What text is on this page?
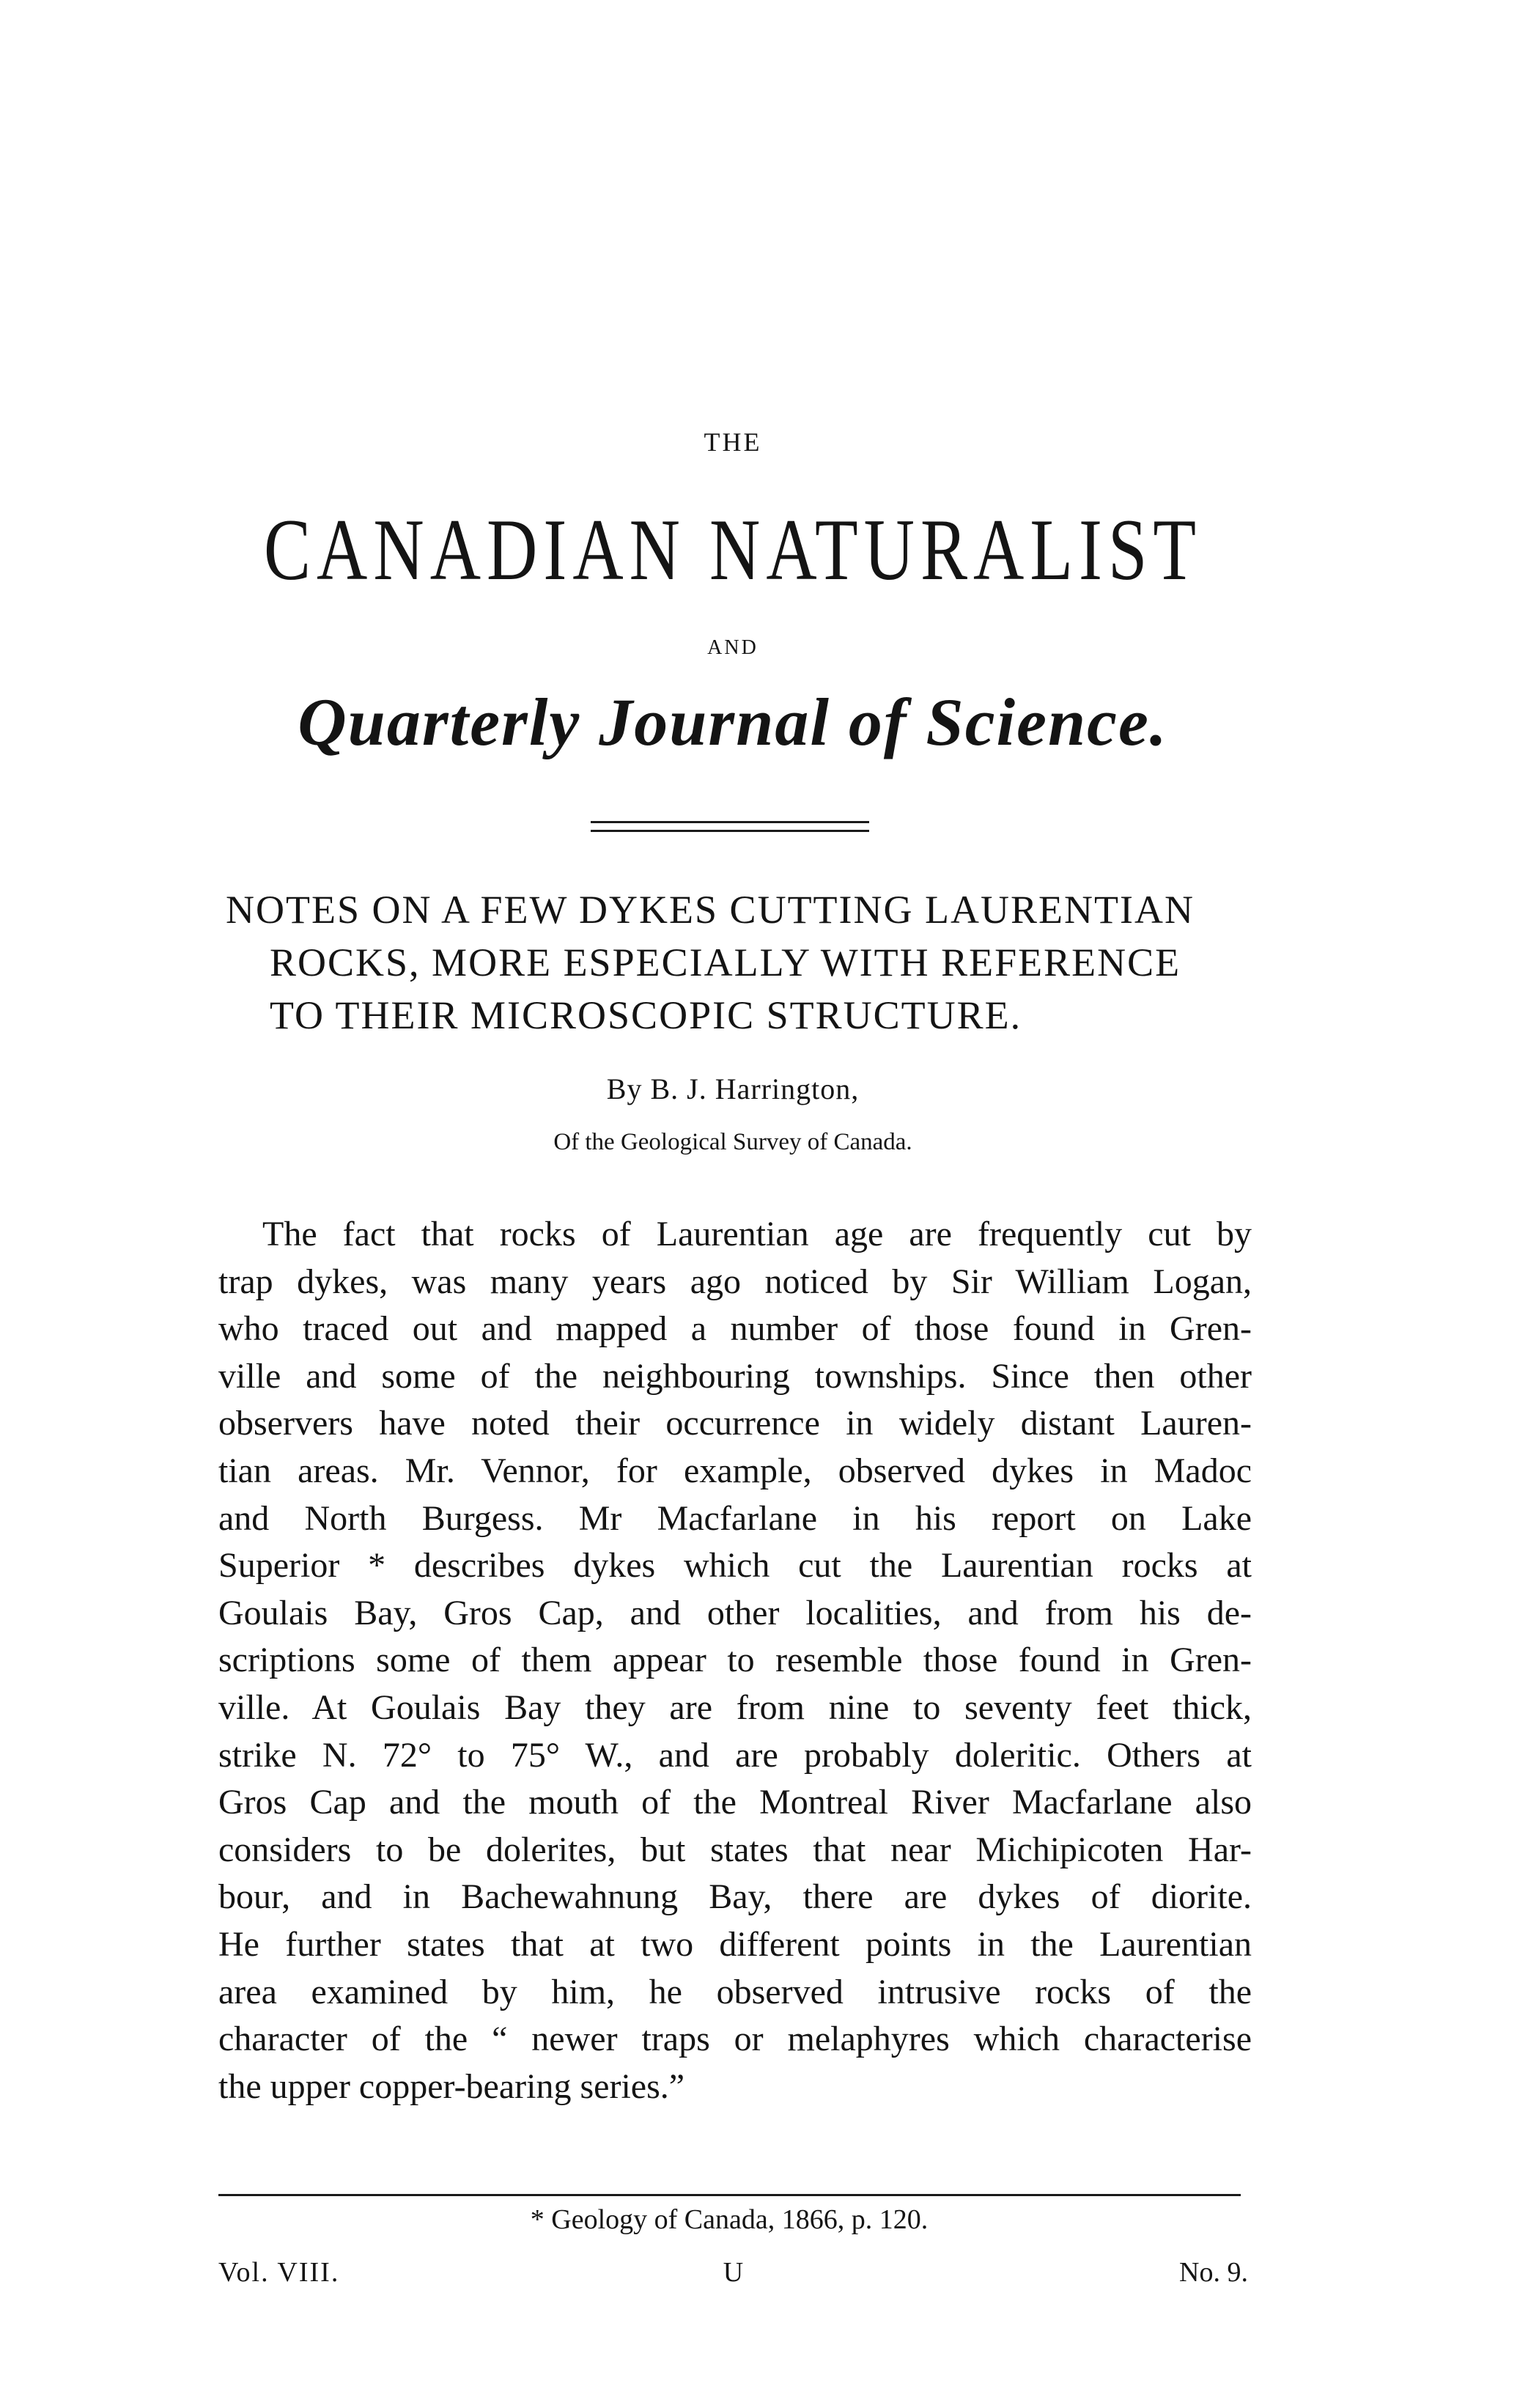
THE
CANADIAN NATURALIST
AND
Quarterly Journal of Science.
NOTES ON A FEW DYKES CUTTING LAURENTIAN
ROCKS, MORE ESPECIALLY WITH REFERENCE
TO THEIR MICROSCOPIC STRUCTURE.
By B. J. Harrington,
Of the Geological Survey of Canada.
The fact that rocks of Laurentian age are frequently cut by
trap dykes, was many years ago noticed by Sir William Logan,
who traced out and mapped a number of those found in Gren-
ville and some of the neighbouring townships. Since then other
observers have noted their occurrence in widely distant Lauren-
tian areas. Mr. Vennor, for example, observed dykes in Madoc
and North Burgess. Mr Macfarlane in his report on Lake
Superior * describes dykes which cut the Laurentian rocks at
Goulais Bay, Gros Cap, and other localities, and from his de-
scriptions some of them appear to resemble those found in Gren-
ville. At Goulais Bay they are from nine to seventy feet thick,
strike N. 72° to 75° W., and are probably doleritic. Others at
Gros Cap and the mouth of the Montreal River Macfarlane also
considers to be dolerites, but states that near Michipicoten Har-
bour, and in Bachewahnung Bay, there are dykes of diorite.
He further states that at two different points in the Laurentian
area examined by him, he observed intrusive rocks of the
character of the “ newer traps or melaphyres which characterise
the upper copper-bearing series.”
* Geology of Canada, 1866, p. 120.
Vol. VIII.	U	No. 9.
